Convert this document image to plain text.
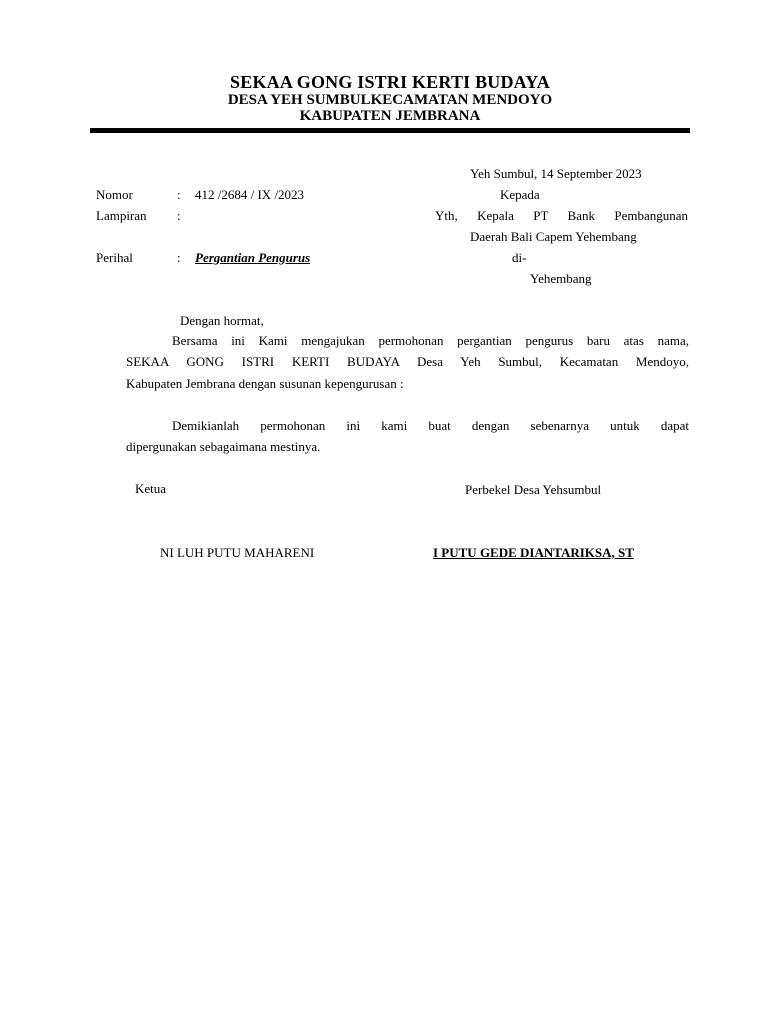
SEKAA GONG ISTRI KERTI BUDAYA
DESA YEH SUMBULKECAMATAN MENDOYO
KABUPATEN JEMBRANA
Yeh Sumbul, 14 September 2023
Nomor	: 412 /2684 / IX /2023
Lampiran :
Perihal	: Pergantian Pengurus
Kepada
Yth, Kepala PT Bank Pembangunan
Daerah Bali Capem Yehembang
di-
Yehembang
Dengan hormat,
Bersama ini Kami mengajukan permohonan pergantian pengurus baru atas nama,
SEKAA GONG ISTRI KERTI BUDAYA Desa Yeh Sumbul, Kecamatan Mendoyo,
Kabupaten Jembrana dengan susunan kepengurusan :
Demikianlah permohonan ini kami buat dengan sebenarnya untuk dapat
dipergunakan sebagaimana mestinya.
Ketua	Perbekel Desa Yehsumbul
NI LUH PUTU MAHARENI	I PUTU GEDE DIANTARIKSA, ST
